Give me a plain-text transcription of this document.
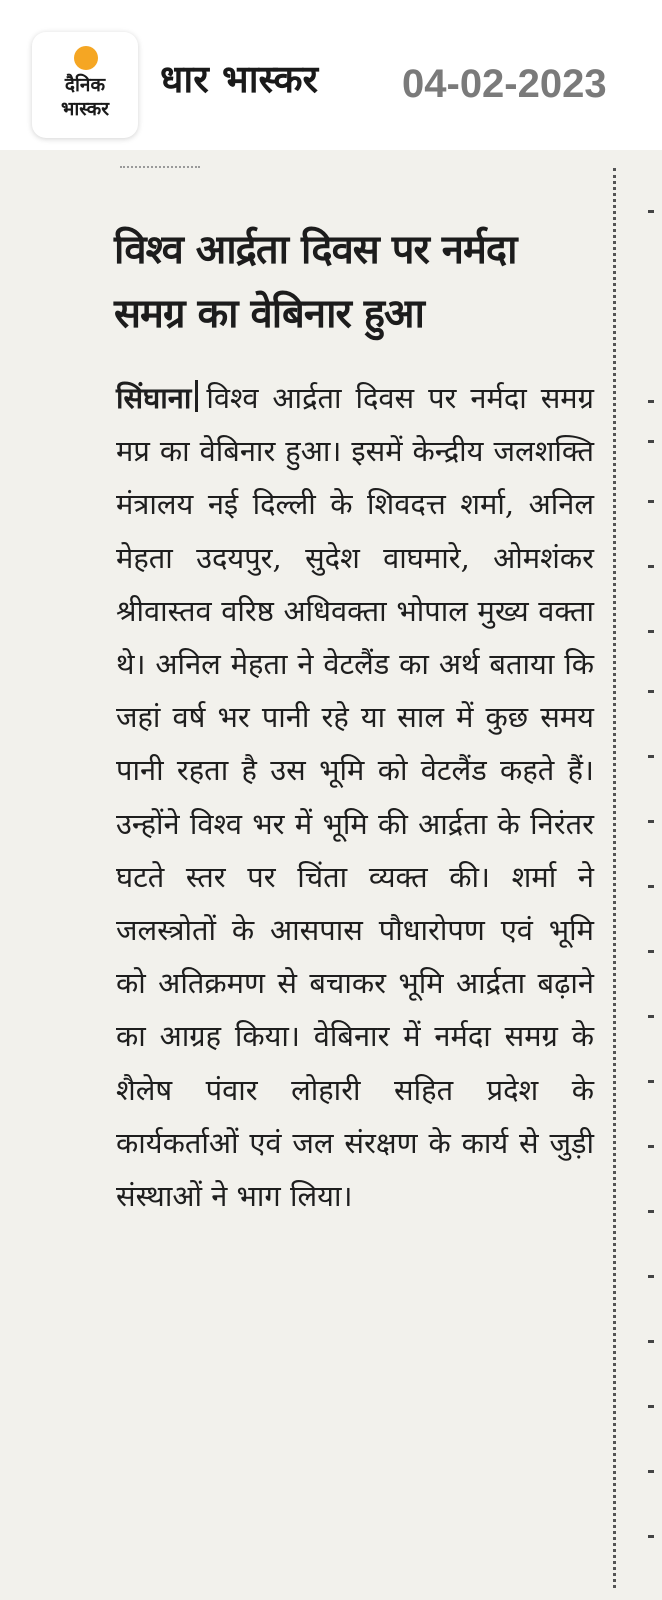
दैनिक
भास्कर
धार भास्कर 04-02-2023
विश्व आर्द्रता दिवस पर नर्मदा समग्र का वेबिनार हुआ

सिंघाना विश्व आर्द्रता दिवस पर नर्मदा समग्र मप्र का वेबिनार हुआ। इसमें केन्द्रीय जलशक्ति मंत्रालय नई दिल्ली के शिवदत्त शर्मा, अनिल मेहता उदयपुर, सुदेश वाघमारे, ओमशंकर श्रीवास्तव वरिष्ठ अधिवक्ता भोपाल मुख्य वक्ता थे। अनिल मेहता ने वेटलैंड का अर्थ बताया कि जहां वर्ष भर पानी रहे या साल में कुछ समय पानी रहता है उस भूमि को वेटलैंड कहते हैं। उन्होंने विश्व भर में भूमि की आर्द्रता के निरंतर घटते स्तर पर चिंता व्यक्त की। शर्मा ने जलस्त्रोतों के आसपास पौधारोपण एवं भूमि को अतिक्रमण से बचाकर भूमि आर्द्रता बढ़ाने का आग्रह किया। वेबिनार में नर्मदा समग्र के शैलेष पंवार लोहारी सहित प्रदेश के कार्यकर्ताओं एवं जल संरक्षण के कार्य से जुड़ी संस्थाओं ने भाग लिया।
